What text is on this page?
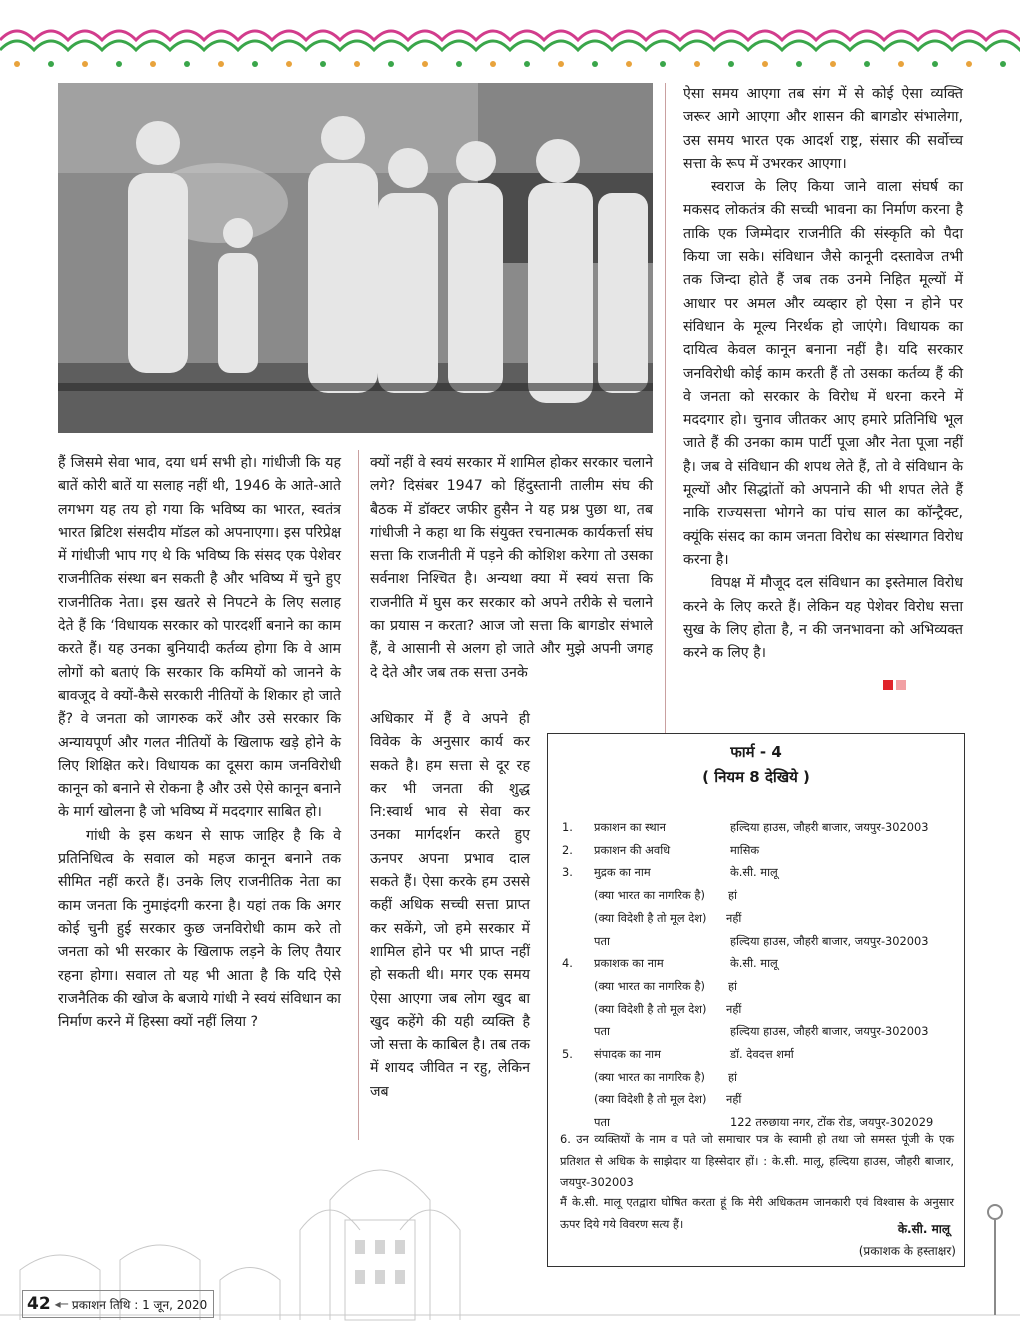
हैं जिसमे सेवा भाव, दया धर्म सभी हो। गांधीजी कि यह बातें कोरी बातें या सलाह नहीं थी, 1946 के आते-आते लगभग यह तय हो गया कि भविष्य का भारत, स्वतंत्र भारत ब्रिटिश संसदीय मॉडल को अपनाएगा। इस परिप्रेक्ष में गांधीजी भाप गए थे कि भविष्य कि संसद एक पेशेवर राजनीतिक संस्था बन सकती है और भविष्य में चुने हुए राजनीतिक नेता। इस खतरे से निपटने के लिए सलाह देते हैं कि ‘विधायक सरकार को पारदर्शी बनाने का काम करते हैं। यह उनका बुनियादी कर्तव्य होगा कि वे आम लोगों को बताएं कि सरकार कि कमियों को जानने के बावजूद वे क्यों-कैसे सरकारी नीतियों के शिकार हो जाते हैं? वे जनता को जागरुक करें और उसे सरकार कि अन्यायपूर्ण और गलत नीतियों के खिलाफ खड़े होने के लिए शिक्षित करे। विधायक का दूसरा काम जनविरोधी कानून को बनाने से रोकना है और उसे ऐसे कानून बनाने के मार्ग खोलना है जो भविष्य में मददगार साबित हो।

गांधी के इस कथन से साफ जाहिर है कि वे प्रतिनिधित्व के सवाल को महज कानून बनाने तक सीमित नहीं करते हैं। उनके लिए राजनीतिक नेता का काम जनता कि नुमाइंदगी करना है। यहां तक कि अगर कोई चुनी हुई सरकार कुछ जनविरोधी काम करे तो जनता को भी सरकार के खिलाफ लड़ने के लिए तैयार रहना होगा। सवाल तो यह भी आता है कि यदि ऐसे राजनैतिक की खोज के बजाये गांधी ने स्वयं संविधान का निर्माण करने में हिस्सा क्यों नहीं लिया ?

क्यों नहीं वे स्वयं सरकार में शामिल होकर सरकार चलाने लगे? दिसंबर 1947 को हिंदुस्तानी तालीम संघ की बैठक में डॉक्टर जफीर हुसैन ने यह प्रश्न पुछा था, तब गांधीजी ने कहा था कि संयुक्त रचनात्मक कार्यकर्त्ता संघ सत्ता कि राजनीती में पड़ने की कोशिश करेगा तो उसका सर्वनाश निश्चित है। अन्यथा क्या में स्वयं सत्ता कि राजनीति में घुस कर सरकार को अपने तरीके से चलाने का प्रयास न करता? आज जो सत्ता कि बागडोर संभाले हैं, वे आसानी से अलग हो जाते और मुझे अपनी जगह दे देते और जब तक सत्ता उनके

अधिकार में हैं वे अपने ही विवेक के अनुसार कार्य कर सकते है। हम सत्ता से दूर रह कर भी जनता की शुद्ध नि:स्वार्थ भाव से सेवा कर उनका मार्गदर्शन करते हुए ऊनपर अपना प्रभाव दाल सकते हैं। ऐसा करके हम उससे कहीं अधिक सच्ची सत्ता प्राप्त कर सकेंगे, जो हमे सरकार में शामिल होने पर भी प्राप्त नहीं हो सकती थी। मगर एक समय ऐसा आएगा जब लोग खुद बा खुद कहेंगे की यही व्यक्ति है जो सत्ता के काबिल है। तब तक में शायद जीवित न रहु, लेकिन जब

ऐसा समय आएगा तब संग में से कोई ऐसा व्यक्ति जरूर आगे आएगा और शासन की बागडोर संभालेगा, उस समय भारत एक आदर्श राष्ट्र, संसार की सर्वोच्च सत्ता के रूप में उभरकर आएगा।

स्वराज के लिए किया जाने वाला संघर्ष का मकसद लोकतंत्र की सच्ची भावना का निर्माण करना है ताकि एक जिम्मेदार राजनीति की संस्कृति को पैदा किया जा सके। संविधान जैसे कानूनी दस्तावेज तभी तक जिन्दा होते हैं जब तक उनमे निहित मूल्यों में आधार पर अमल और व्यव्हार हो ऐसा न होने पर संविधान के मूल्य निरर्थक हो जाएंगे। विधायक का दायित्व केवल कानून बनाना नहीं है। यदि सरकार जनविरोधी कोई काम करती हैं तो उसका कर्तव्य हैं की वे जनता को सरकार के विरोध में धरना करने में मददगार हो। चुनाव जीतकर आए हमारे प्रतिनिधि भूल जाते हैं की उनका काम पार्टी पूजा और नेता पूजा नहीं है। जब वे संविधान की शपथ लेते हैं, तो वे संविधान के मूल्यों और सिद्धांतों को अपनाने की भी शपत लेते हैं नाकि राज्यसत्ता भोगने का पांच साल का कॉन्ट्रैक्ट, क्यूंकि संसद का काम जनता विरोध का संस्थागत विरोध करना है।

विपक्ष में मौजूद दल संविधान का इस्तेमाल विरोध करने के लिए करते हैं। लेकिन यह पेशेवर विरोध सत्ता सुख के लिए होता है, न की जनभावना को अभिव्यक्त करने क लिए है।

फार्म - 4
( नियम 8 देखिये )
1. प्रकाशन का स्थान	हल्दिया हाउस, जौहरी बाजार, जयपुर-302003
2. प्रकाशन की अवधि	मासिक
3. मुद्रक का नाम	के.सी. मालू
(क्या भारत का नागरिक है) हां
(क्या विदेशी है तो मूल देश) नहीं
पता	हल्दिया हाउस, जौहरी बाजार, जयपुर-302003
4. प्रकाशक का नाम	के.सी. मालू
(क्या भारत का नागरिक है) हां
(क्या विदेशी है तो मूल देश) नहीं
पता	हल्दिया हाउस, जौहरी बाजार, जयपुर-302003
5. संपादक का नाम	डॉ. देवदत्त शर्मा
(क्या भारत का नागरिक है) हां
(क्या विदेशी है तो मूल देश) नहीं
पता	122 तरुछाया नगर, टोंक रोड, जयपुर-302029
6. उन व्यक्तियों के नाम व पते जो समाचार पत्र के स्वामी हो तथा जो समस्त पूंजी के एक प्रतिशत से अधिक के साझेदार या हिस्सेदार हों। : के.सी. मालू, हल्दिया हाउस, जौहरी बाजार, जयपुर-302003
मैं के.सी. मालू एतद्वारा घोषित करता हूं कि मेरी अधिकतम जानकारी एवं विश्वास के अनुसार ऊपर दिये गये विवरण सत्य हैं।	के.सी. मालू
(प्रकाशक के हस्ताक्षर)
42 ◂─ प्रकाशन तिथि : 1 जून, 2020
